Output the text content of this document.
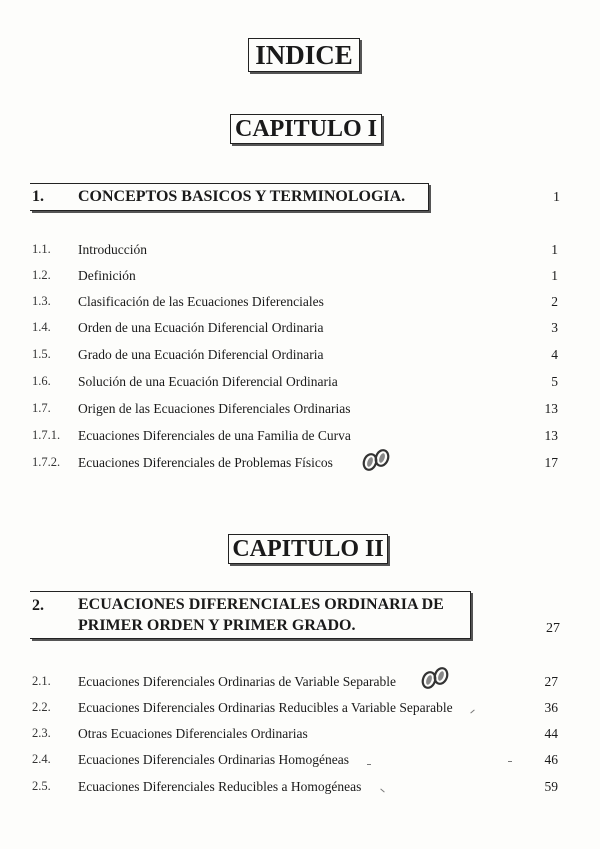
INDICE
CAPITULO I
1. CONCEPTOS BASICOS Y TERMINOLOGIA.	1
1.1. Introducción	1
1.2. Definición	1
1.3. Clasificación de las Ecuaciones Diferenciales	2
1.4. Orden de una Ecuación Diferencial Ordinaria	3
1.5. Grado de una Ecuación Diferencial Ordinaria	4
1.6. Solución de una Ecuación Diferencial Ordinaria	5
1.7. Origen de las Ecuaciones Diferenciales Ordinarias	13
1.7.1. Ecuaciones Diferenciales de una Familia de Curva	13
1.7.2. Ecuaciones Diferenciales de Problemas Físicos	17
CAPITULO II
2. ECUACIONES DIFERENCIALES ORDINARIA DE
PRIMER ORDEN Y PRIMER GRADO.	27
2.1. Ecuaciones Diferenciales Ordinarias de Variable Separable	27
2.2. Ecuaciones Diferenciales Ordinarias Reducibles a Variable Separable	36
2.3. Otras Ecuaciones Diferenciales Ordinarias	44
2.4. Ecuaciones Diferenciales Ordinarias Homogéneas	46
2.5. Ecuaciones Diferenciales Reducibles a Homogéneas	59
